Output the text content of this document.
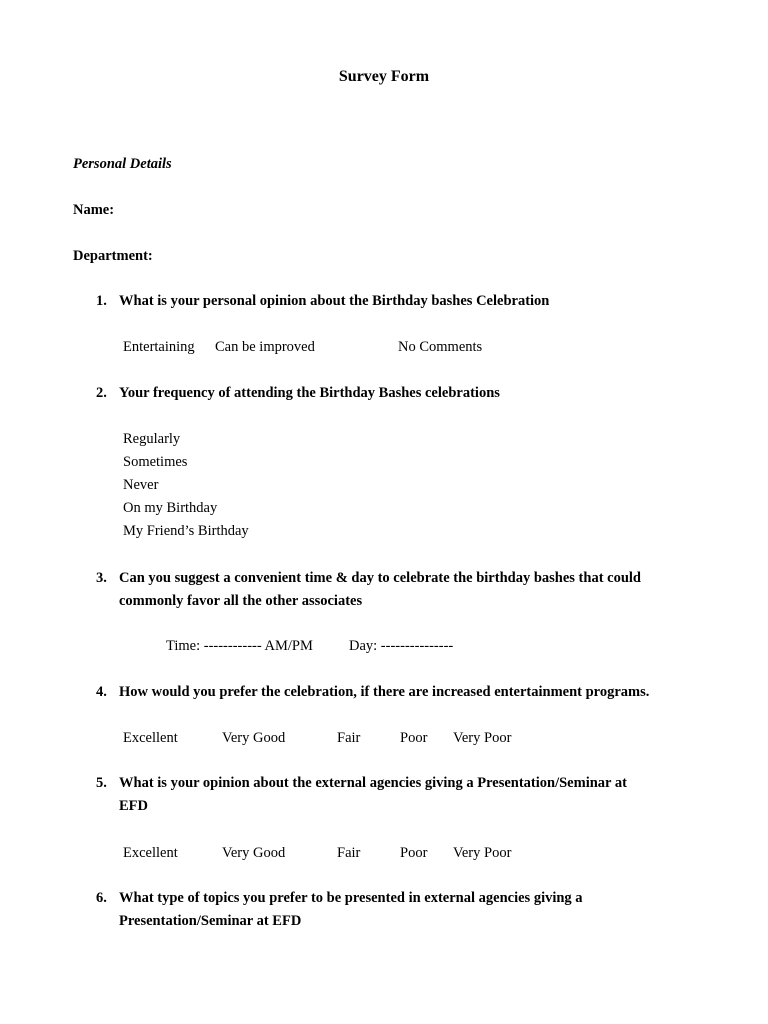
Survey Form
Personal Details
Name:
Department:
1. What is your personal opinion about the Birthday bashes Celebration
Entertaining Can be improved	No Comments
2. Your frequency of attending the Birthday Bashes celebrations
Regularly
Sometimes
Never
On my Birthday
My Friend’s Birthday
3. Can you suggest a convenient time & day to celebrate the birthday bashes that could
commonly favor all the other associates
Time: ------------ AM/PM Day: ---------------
4. How would you prefer the celebration, if there are increased entertainment programs.
Excellent	Very Good	Fair	Poor Very Poor
5. What is your opinion about the external agencies giving a Presentation/Seminar at
EFD
Excellent	Very Good	Fair	Poor Very Poor
6. What type of topics you prefer to be presented in external agencies giving a
Presentation/Seminar at EFD
